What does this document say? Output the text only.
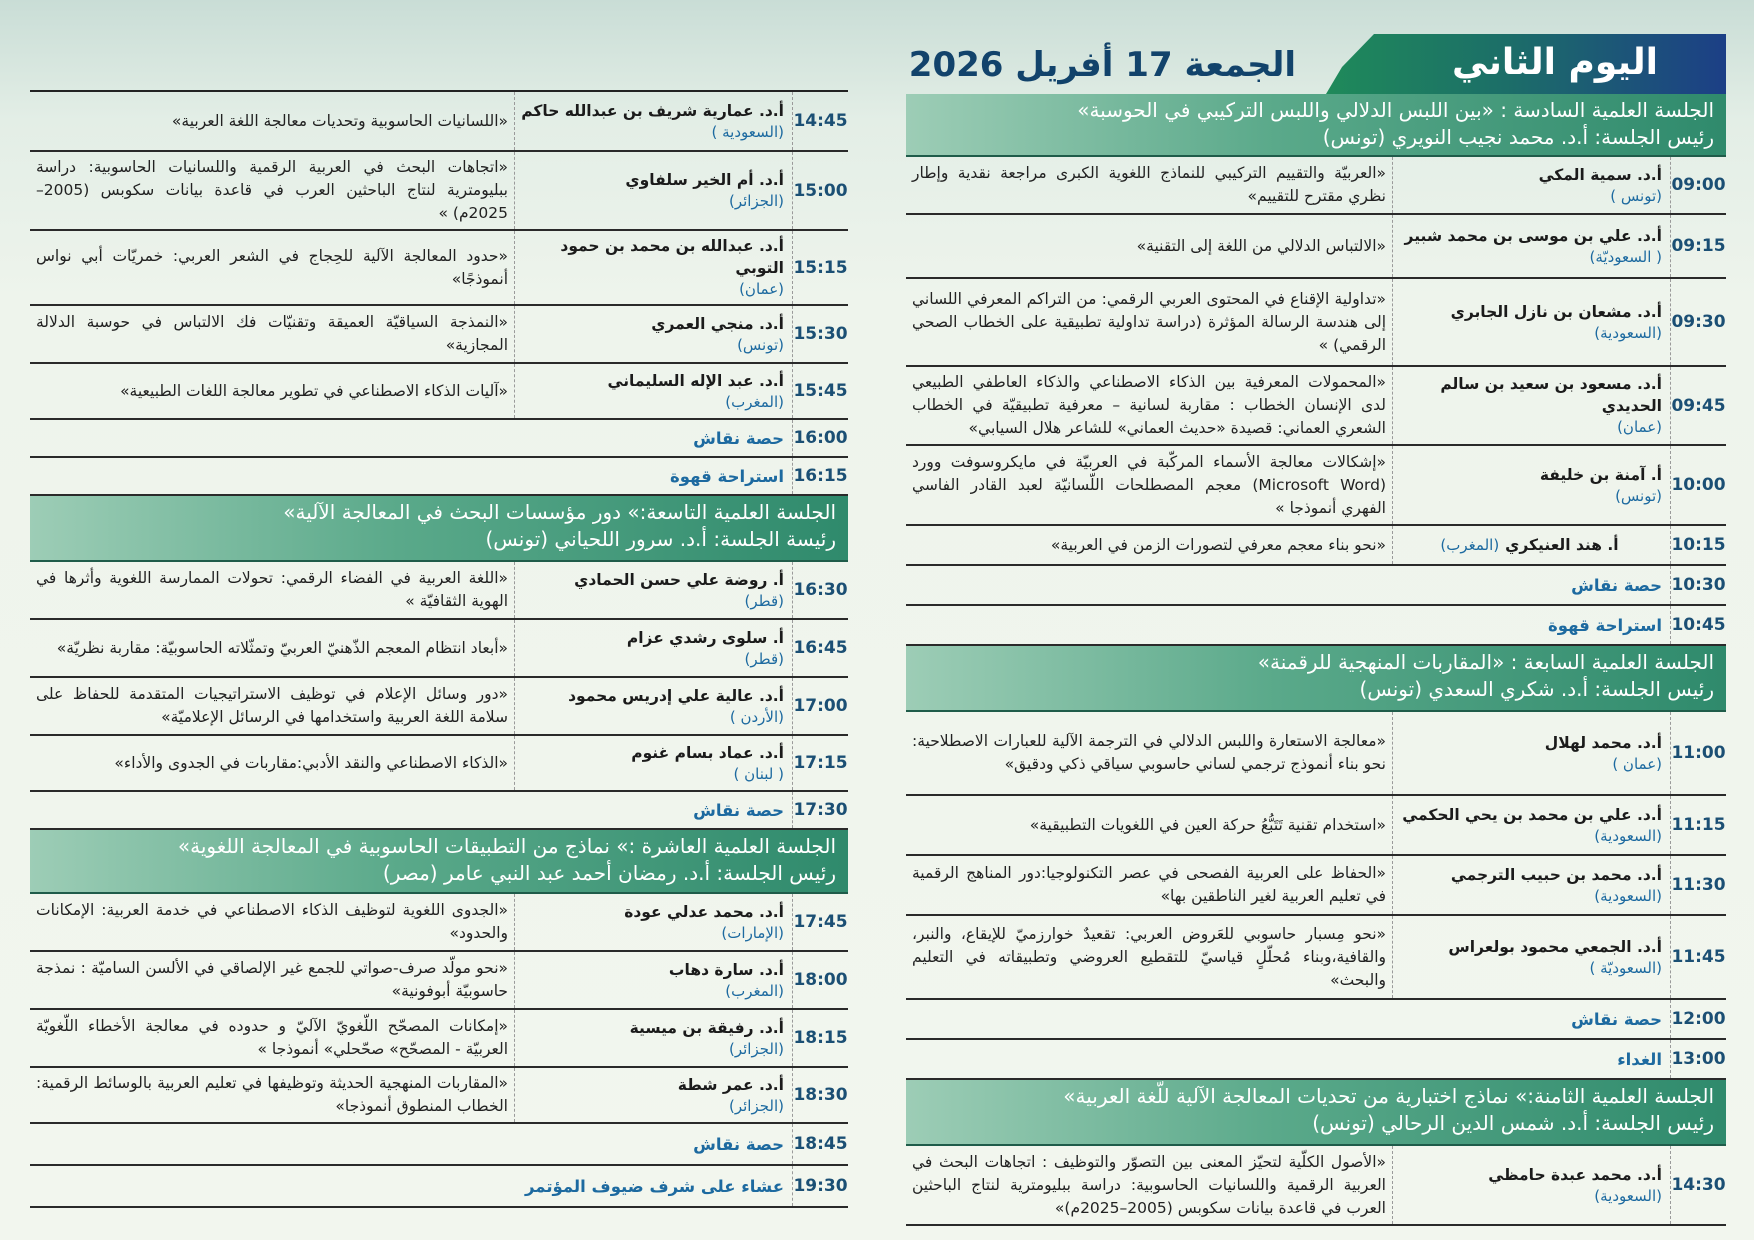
اليوم الثاني
الجمعة 17 أفريل 2026
الجلسة العلمية السادسة : «بين اللبس الدلالي واللبس التركيبي في الحوسبة»
رئيس الجلسة: أ.د. محمد نجيب النويري (تونس)
09:00
أ.د. سمية المكي
(تونس )
«العربيّة والتقييم التركيبي للنماذج اللغوية الكبرى مراجعة نقدية وإطار نظري مقترح للتقييم»
09:15
أ.د. علي بن موسى بن محمد شبير
( السعوديّة)
«الالتباس الدلالي من اللغة إلى التقنية»
09:30
أ.د. مشعان بن نازل الجابري
(السعودية)
«تداولية الإقناع في المحتوى العربي الرقمي: من التراكم المعرفي اللساني إلى هندسة الرسالة المؤثرة (دراسة تداولية تطبيقية على الخطاب الصحي الرقمي) »
09:45
أ.د. مسعود بن سعيد بن سالم الحديدي
(عمان)
«المحمولات المعرفية بين الذكاء الاصطناعي والذكاء العاطفي الطبيعي لدى الإنسان الخطاب : مقاربة لسانية – معرفية تطبيقيّة في الخطاب الشعري العماني: قصيدة «حديث العماني» للشاعر هلال السيابي»
10:00
أ. آمنة بن خليفة
(تونس)
«إشكالات معالجة الأسماء المركّبة في العربيّة في مايكروسوفت وورد (Microsoft Word) معجم المصطلحات اللّسانيّة لعبد القادر الفاسي الفهري أنموذجا »
10:15
أ. هند العنيكري
(المغرب)
«نحو بناء معجم معرفي لتصورات الزمن في العربية»
10:30
حصة نقاش
10:45
استراحة قهوة
الجلسة العلمية السابعة : «المقاربات المنهجية للرقمنة»
رئيس الجلسة: أ.د. شكري السعدي (تونس)
11:00
أ.د. محمد لهلال
(عمان )
«معالجة الاستعارة واللبس الدلالي في الترجمة الآلية للعبارات الاصطلاحية: نحو بناء أنموذج ترجمي لساني حاسوبي سياقي ذكي ودقيق»
11:15
أ.د. علي بن محمد بن يحي الحكمي
(السعودية)
«استخدام تقنية تَتَبُّعُ حركة العين في اللغويات التطبيقية»
11:30
أ.د. محمد بن حبيب الترجمي
(السعودية)
«الحفاظ على العربية الفصحى في عصر التكنولوجيا:دور المناهج الرقمية في تعليم العربية لغير الناطقين بها»
11:45
أ.د. الجمعي محمود بولعراس
(السعوديّة )
«نحو مِسبار حاسوبي للعَروض العربي: تقعيدٌ خوارزميّ للإيقاع، والنبر، والقافية،وبناء مُحلّلٍ قياسيّ للتقطيع العروضي وتطبيقاته في التعليم والبحث»
12:00
حصة نقاش
13:00
الغداء
الجلسة العلمية الثامنة:» نماذج اختبارية من تحديات المعالجة الآلية للّغة العربية»
رئيس الجلسة: أ.د. شمس الدين الرحالي (تونس)
14:30
أ.د. محمد عبدة حامظي
(السعودية)
«الأصول الكلّية لتحيّز المعنى بين التصوّر والتوظيف : اتجاهات البحث في العربية الرقمية واللسانيات الحاسوبية: دراسة ببليومترية لنتاج الباحثين العرب في قاعدة بيانات سكوبس (2005–2025م)»
14:45
أ.د. عمارية شريف بن عبدالله حاكم
(السعودية )
«اللسانيات الحاسوبية وتحديات معالجة اللغة العربية»
15:00
أ.د. أم الخير سلفاوي
(الجزائر)
«اتجاهات البحث في العربية الرقمية واللسانيات الحاسوبية: دراسة ببليومترية لنتاج الباحثين العرب في قاعدة بيانات سكوبس (2005–2025م) »
15:15
أ.د. عبدالله بن محمد بن حمود التوبي
(عمان)
«حدود المعالجة الآلية للحِجاج في الشعر العربي: خمريّات أبي نواس أنموذجًا»
15:30
أ.د. منجي العمري
(تونس)
«النمذجة السياقيّة العميقة وتقنيّات فك الالتباس في حوسبة الدلالة المجازية»
15:45
أ.د. عبد الإله السليماني
(المغرب)
«آليات الذكاء الاصطناعي في تطوير معالجة اللغات الطبيعية»
16:00
حصة نقاش
16:15
استراحة قهوة
الجلسة العلمية التاسعة:» دور مؤسسات البحث في المعالجة الآلية»
رئيسة الجلسة: أ.د. سرور اللحياني (تونس)
16:30
أ. روضة علي حسن الحمادي
(قطر)
«اللغة العربية في الفضاء الرقمي: تحولات الممارسة اللغوية وأثرها في الهوية الثقافيّة »
16:45
أ. سلوى رشدي عزام
(قطر)
«أبعاد انتظام المعجم الذّهنيّ العربيّ وتمثّلاته الحاسوبيّة: مقاربة نظريّة»
17:00
أ.د. عالية علي إدريس محمود
(الأردن )
«دور وسائل الإعلام في توظيف الاستراتيجيات المتقدمة للحفاظ على سلامة اللغة العربية واستخدامها في الرسائل الإعلاميّة»
17:15
أ.د. عماد بسام غنوم
( لبنان )
«الذكاء الاصطناعي والنقد الأدبي:مقاربات في الجدوى والأداء»
17:30
حصة نقاش
الجلسة العلمية العاشرة :» نماذج من التطبيقات الحاسوبية في المعالجة اللغوية»
رئيس الجلسة: أ.د. رمضان أحمد عبد النبي عامر (مصر)
17:45
أ.د. محمد عدلي عودة
(الإمارات)
«الجدوى اللغوية لتوظيف الذكاء الاصطناعي في خدمة العربية: الإمكانات والحدود»
18:00
أ.د. سارة دهاب
(المغرب)
«نحو مولّد صرف-صواتي للجمع غير الإلصاقي في الألسن الساميّة : نمذجة حاسوبيّة أبوفونية»
18:15
أ.د. رفيقة بن ميسية
(الجزائر)
«إمكانات المصحّح اللّغويّ الآليّ و حدوده في معالجة الأخطاء اللّغويّة العربيّة - المصحّح» صحّحلي» أنموذجا »
18:30
أ.د. عمر شطة
(الجزائر)
«المقاربات المنهجية الحديثة وتوظيفها في تعليم العربية بالوسائط الرقمية: الخطاب المنطوق أنموذجا»
18:45
حصة نقاش
19:30
عشاء على شرف ضيوف المؤتمر
